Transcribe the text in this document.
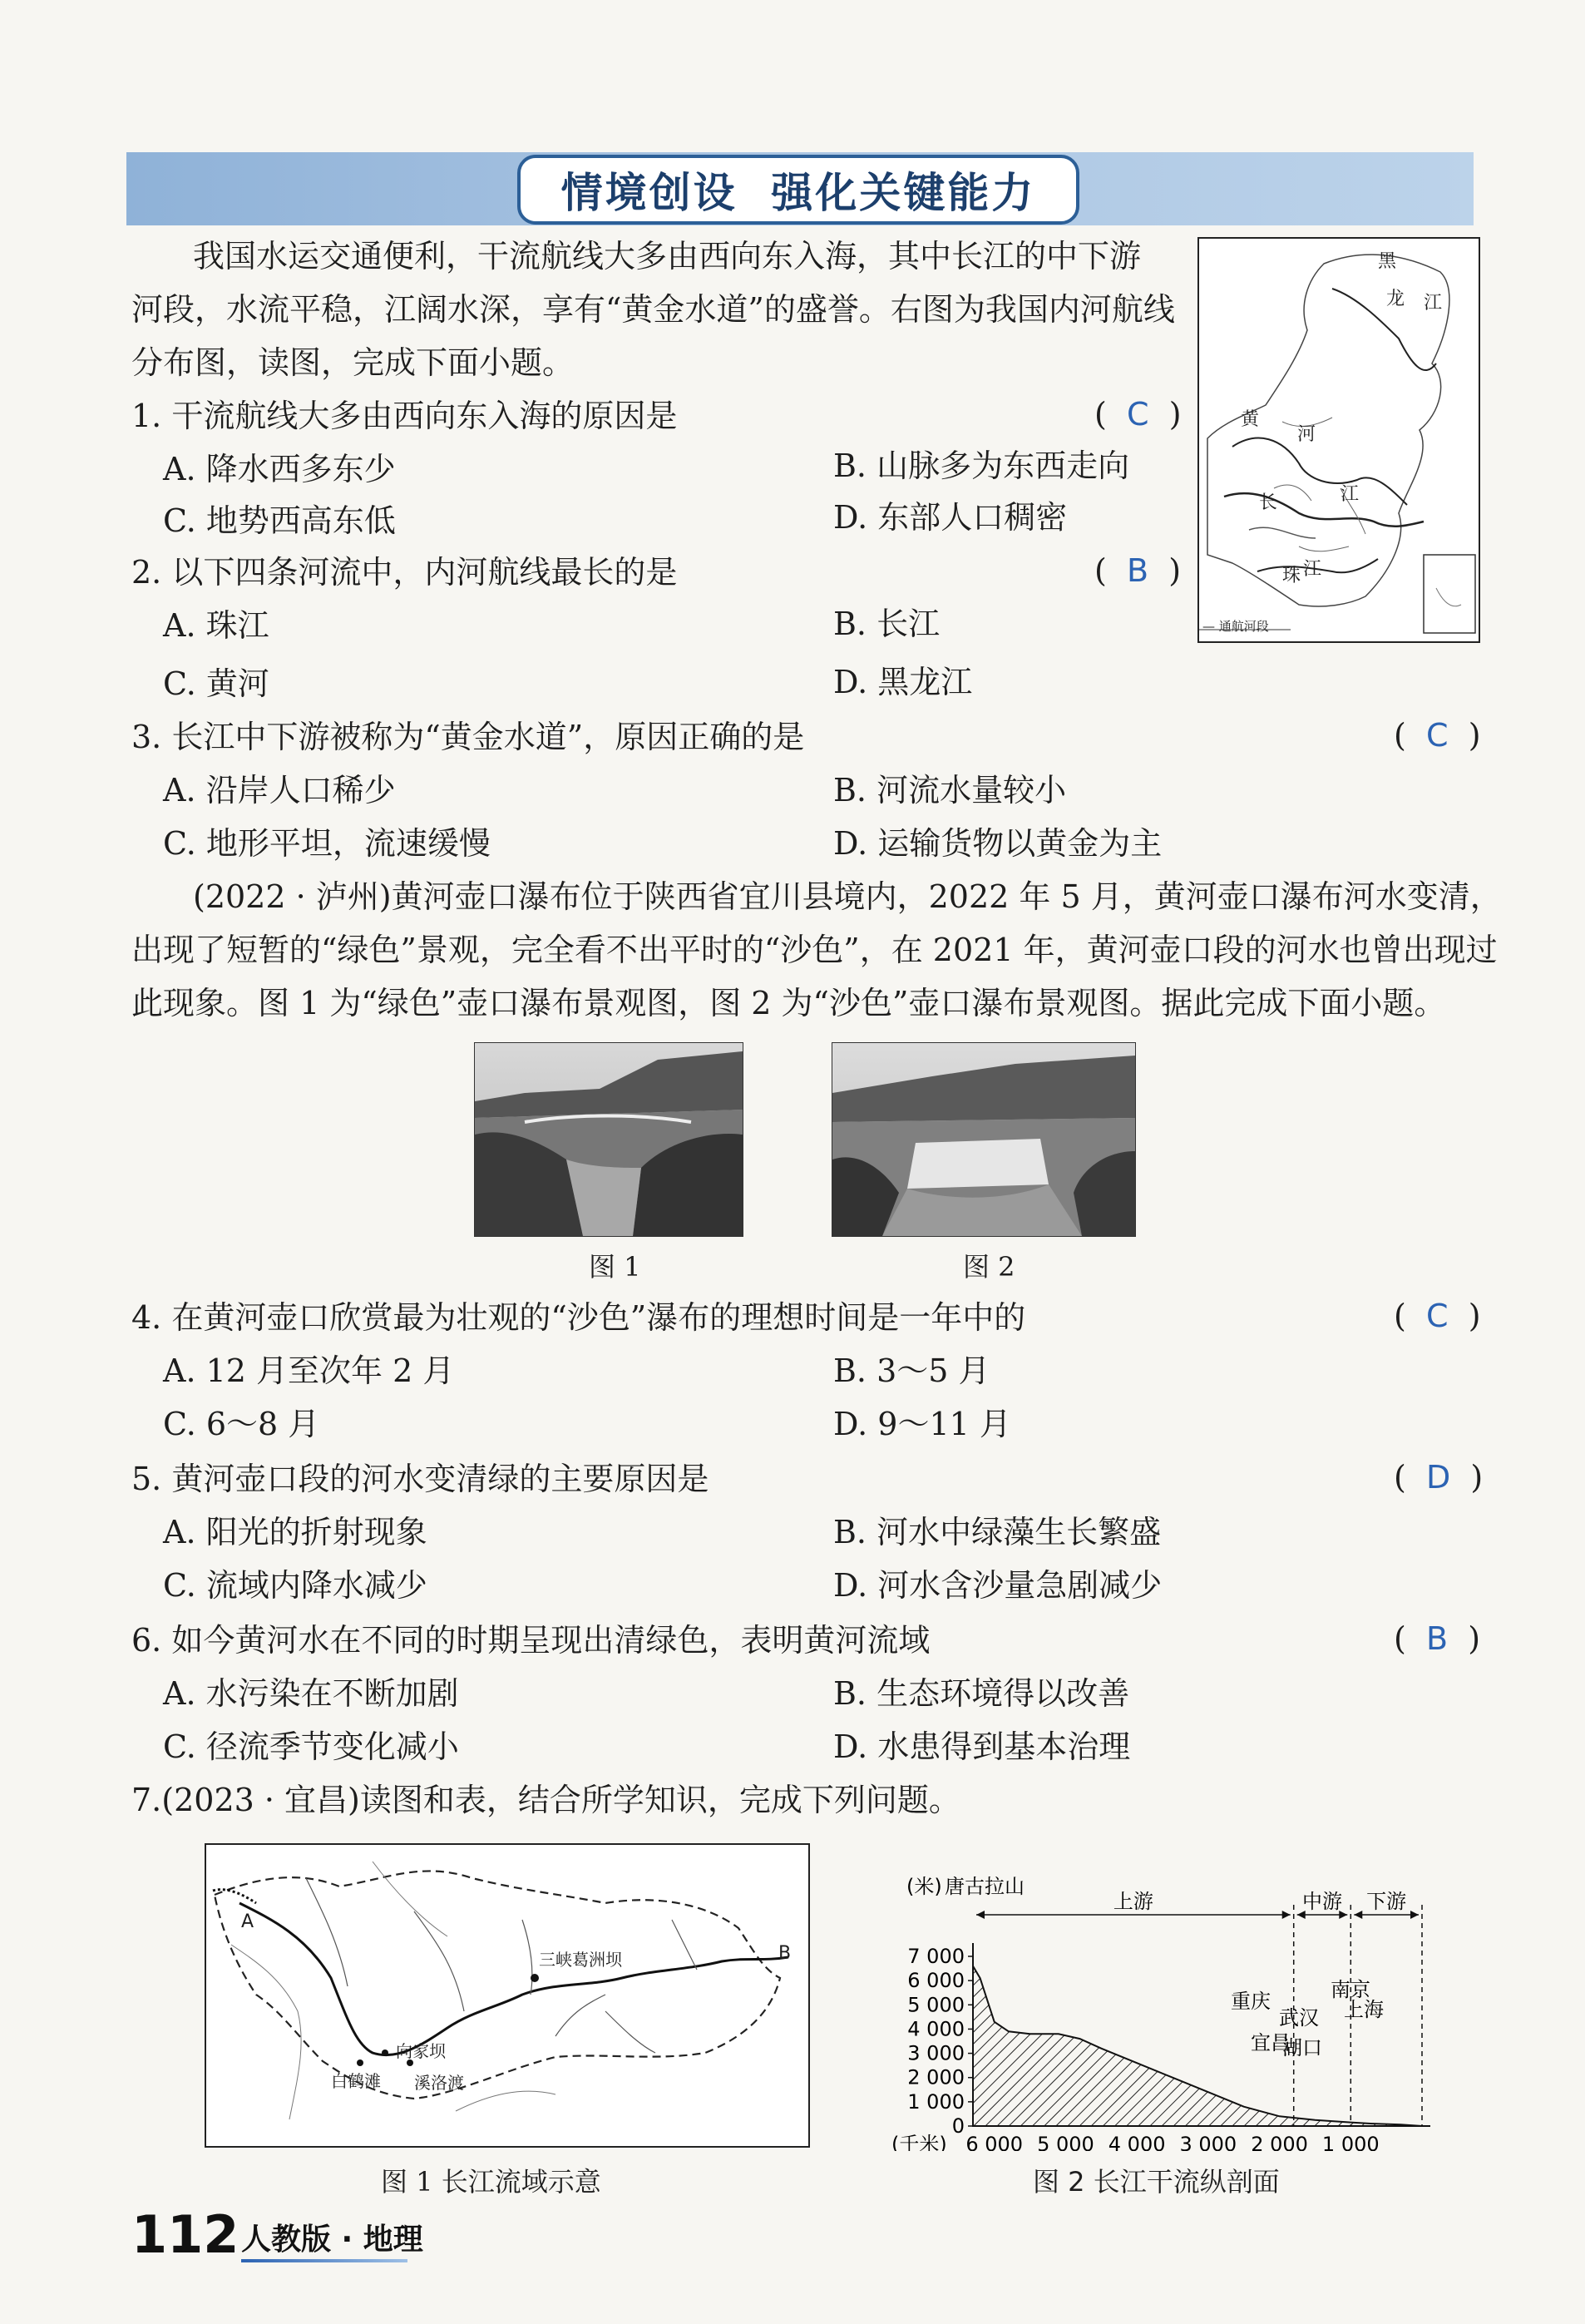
情境创设  强化关键能力
我国水运交通便利，干流航线大多由西向东入海，其中长江的中下游
河段，水流平稳，江阔水深，享有“黄金水道”的盛誉。右图为我国内河航线
分布图，读图，完成下面小题。
黑
龙 江
黄
河
长	江
珠 江
— 通航河段
1. 干流航线大多由西向东入海的原因是	(  C  )
A. 降水西多东少	B. 山脉多为东西走向
C. 地势西高东低	D. 东部人口稠密
2. 以下四条河流中，内河航线最长的是	(  B  )
A. 珠江	B. 长江
C. 黄河	D. 黑龙江
3. 长江中下游被称为“黄金水道”，原因正确的是	(  C  )
A. 沿岸人口稀少	B. 河流水量较小
C. 地形平坦，流速缓慢	D. 运输货物以黄金为主
(2022 · 泸州)黄河壶口瀑布位于陕西省宜川县境内，2022 年 5 月，黄河壶口瀑布河水变清，
出现了短暂的“绿色”景观，完全看不出平时的“沙色”，在 2021 年，黄河壶口段的河水也曾出现过
此现象。图 1 为“绿色”壶口瀑布景观图，图 2 为“沙色”壶口瀑布景观图。据此完成下面小题。
图 1	图 2
4. 在黄河壶口欣赏最为壮观的“沙色”瀑布的理想时间是一年中的	(  C  )
A. 12 月至次年 2 月	B. 3～5 月
C. 6～8 月	D. 9～11 月
5. 黄河壶口段的河水变清绿的主要原因是	(  D  )
A. 阳光的折射现象	B. 河水中绿藻生长繁盛
C. 流域内降水减少	D. 河水含沙量急剧减少
6. 如今黄河水在不同的时期呈现出清绿色，表明黄河流域	(  B  )
A. 水污染在不断加剧	B. 生态环境得以改善
C. 径流季节变化减小	D. 水患得到基本治理
7.(2023 · 宜昌)读图和表，结合所学知识，完成下列问题。
A
B
三峡葛洲坝
向家坝
白鹤滩 溪洛渡
图 1 长江流域示意
7 000
6 000
5 000
4 000
3 000
2 000
1 000
0
6 000 5 000 4 000 3 000 2 000 1 000
(千米)
(米) 唐古拉山
上游	中游 下游
重庆
宜昌
武汉
湖口
南京
上海
图 2 长江干流纵剖面
112 人教版 · 地理
